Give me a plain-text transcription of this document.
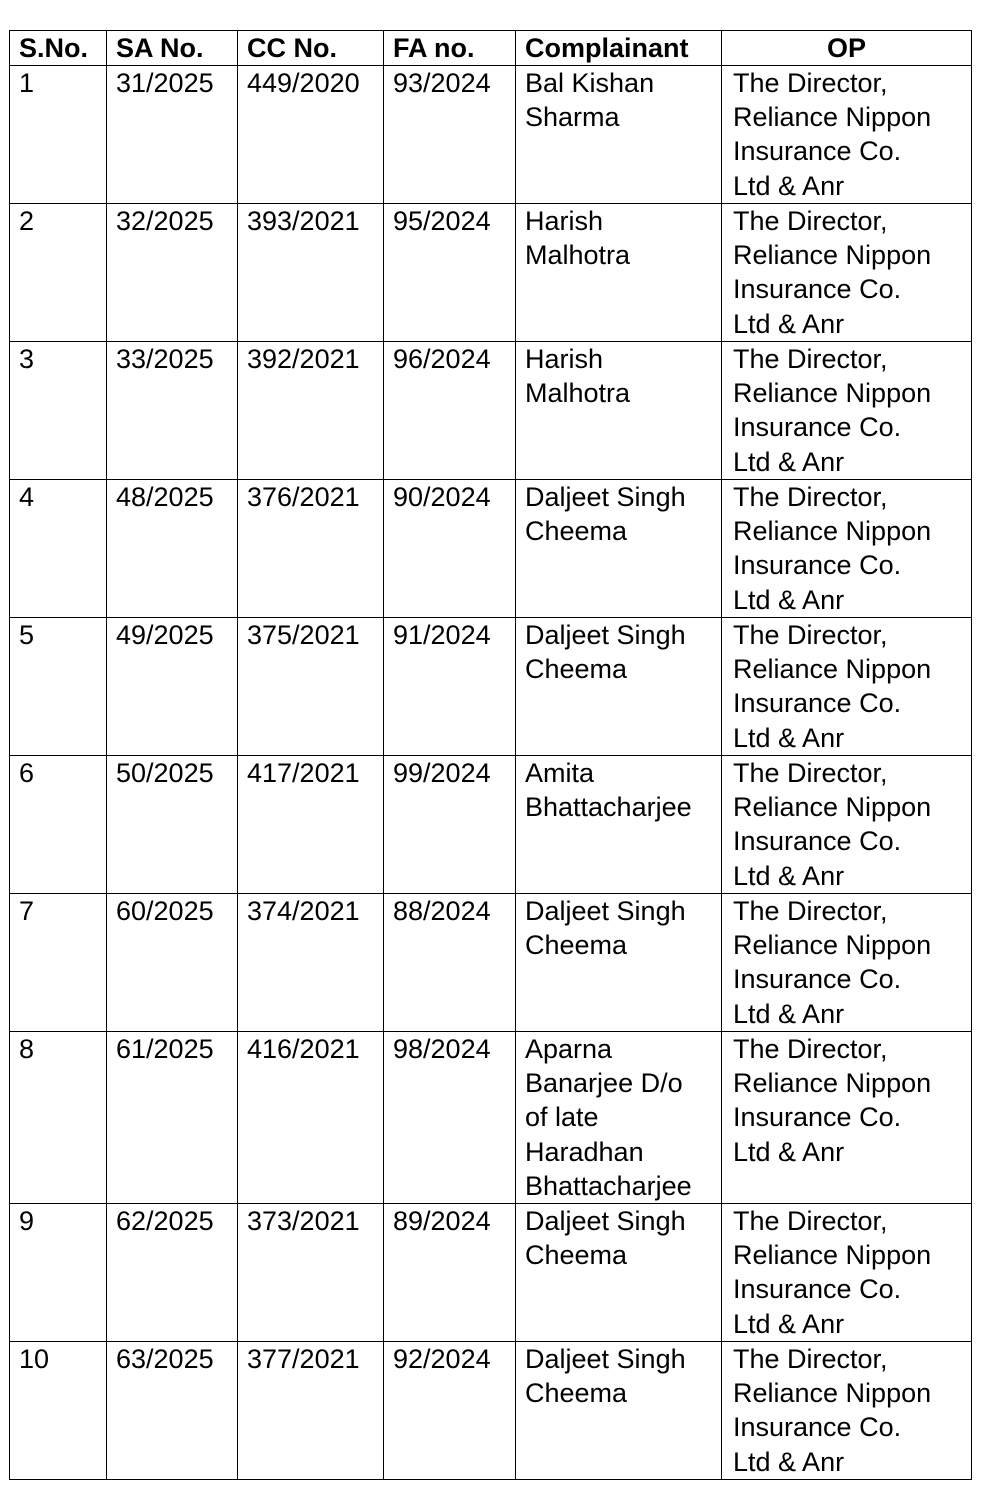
S.No.	SA No.	CC No.	FA no.	Complainant	OP

1	31/2025	449/2020	93/2024	Bal Kishan
Sharma	The Director,
Reliance Nippon
Insurance Co.
Ltd & Anr

2	32/2025	393/2021	95/2024	Harish
Malhotra	The Director,
Reliance Nippon
Insurance Co.
Ltd & Anr

3	33/2025	392/2021	96/2024	Harish
Malhotra	The Director,
Reliance Nippon
Insurance Co.
Ltd & Anr

4	48/2025	376/2021	90/2024	Daljeet Singh
Cheema	The Director,
Reliance Nippon
Insurance Co.
Ltd & Anr

5	49/2025	375/2021	91/2024	Daljeet Singh
Cheema	The Director,
Reliance Nippon
Insurance Co.
Ltd & Anr

6	50/2025	417/2021	99/2024	Amita
Bhattacharjee	The Director,
Reliance Nippon
Insurance Co.
Ltd & Anr

7	60/2025	374/2021	88/2024	Daljeet Singh
Cheema	The Director,
Reliance Nippon
Insurance Co.
Ltd & Anr

8	61/2025	416/2021	98/2024	Aparna
Banarjee D/o
of late
Haradhan
Bhattacharjee	The Director,
Reliance Nippon
Insurance Co.
Ltd & Anr

9	62/2025	373/2021	89/2024	Daljeet Singh
Cheema	The Director,
Reliance Nippon
Insurance Co.
Ltd & Anr

10	63/2025	377/2021	92/2024	Daljeet Singh
Cheema	The Director,
Reliance Nippon
Insurance Co.
Ltd & Anr
